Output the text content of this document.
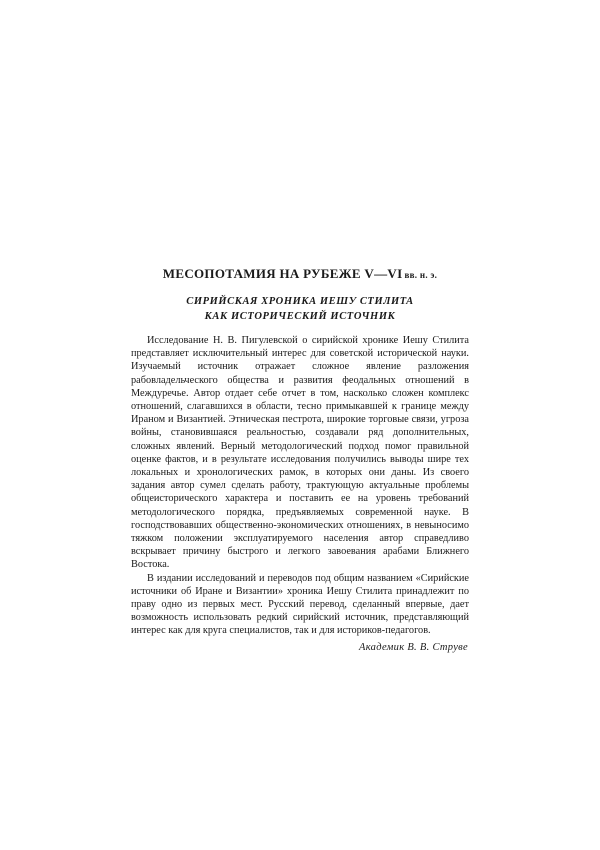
МЕСОПОТАМИЯ НА РУБЕЖЕ V—VI вв. н. э.
СИРИЙСКАЯ ХРОНИКА ИЕШУ СТИЛИТА
КАК ИСТОРИЧЕСКИЙ ИСТОЧНИК

Исследование Н. В. Пигулевской о сирийской хронике Иешу Стилита представляет исключительный интерес для советской исторической науки. Изучаемый источник отражает сложное явление разложения рабовладельческого общества и развития феодальных отношений в Междуречье. Автор отдает себе отчет в том, насколько сложен комплекс отношений, слагавшихся в области, тесно примыкавшей к границе между Ираном и Византией. Этническая пестрота, широкие торговые связи, угроза войны, становившаяся реальностью, создавали ряд дополнительных, сложных явлений. Верный методологический подход помог правильной оценке фактов, и в результате исследования получились выводы шире тех локальных и хронологических рамок, в которых они даны. Из своего задания автор сумел сделать работу, трактующую актуальные проблемы общеисторического характера и поставить ее на уровень требований методологического порядка, предъявляемых современной науке. В господствовавших общественно-экономических отношениях, в невыносимо тяжком положении эксплуатируемого населения автор справедливо вскрывает причину быстрого и легкого завоевания арабами Ближнего Востока.

В издании исследований и переводов под общим названием «Сирийские источники об Иране и Византии» хроника Иешу Стилита принадлежит по праву одно из первых мест. Русский перевод, сделанный впервые, дает возможность использовать редкий сирийский источник, представляющий интерес как для круга специалистов, так и для историков-педагогов.

Академик В. В. Струве
